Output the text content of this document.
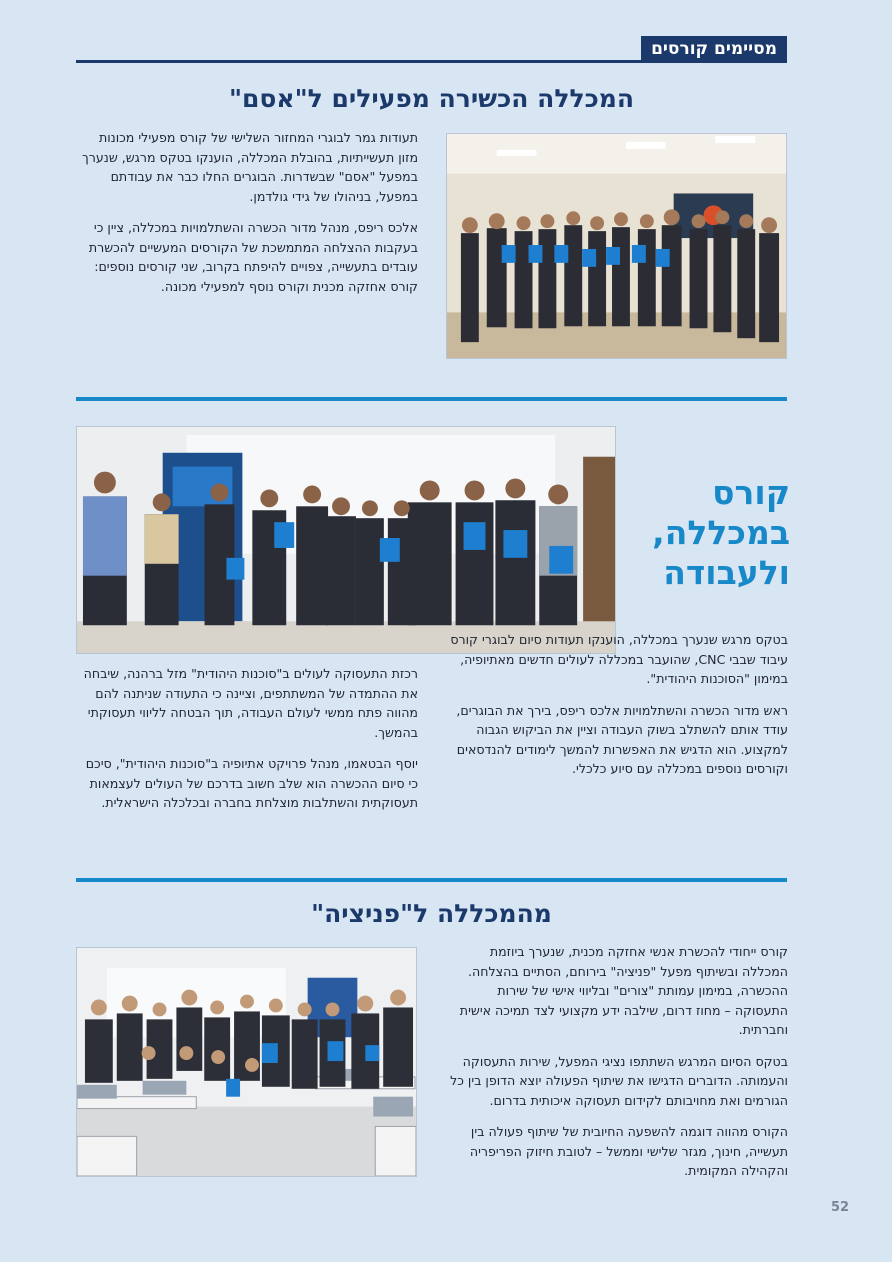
מסיימים קורסים
המכללה הכשירה מפעילים ל"אסם"

תעודות גמר לבוגרי המחזור השלישי של קורס מפעילי מכונות מזון תעשייתיות, בהובלת המכללה, הוענקו בטקס מרגש, שנערך במפעל "אסם" שבשדרות. הבוגרים החלו כבר את עבודתם במפעל, בניהולו של גידי גולדמן.

אלכס ריפס, מנהל מדור הכשרה והשתלמויות במכללה, ציין כי בעקבות ההצלחה המתמשכת של הקורסים המעשיים להכשרת עובדים בתעשייה, צפויים להיפתח בקרוב, שני קורסים נוספים: קורס אחזקה מכנית וקורס נוסף למפעילי מכונה.

קורס
במכללה,
ולעבודה

בטקס מרגש שנערך במכללה, הוענקו תעודות סיום לבוגרי קורס עיבוד שבבי CNC, שהועבר במכללה לעולים חדשים מאתיופיה, במימון "הסוכנות היהודית".

ראש מדור הכשרה והשתלמויות אלכס ריפס, בירך את הבוגרים, עודד אותם להשתלב בשוק העבודה וציין את הביקוש הגבוה למקצוע. הוא הדגיש את האפשרות להמשך לימודים להנדסאים וקורסים נוספים במכללה עם סיוע כלכלי.

רכזת התעסוקה לעולים ב"סוכנות היהודית" מזל ברהנה, שיבחה את ההתמדה של המשתתפים, וציינה כי התעודה שניתנה להם מהווה פתח ממשי לעולם העבודה, תוך הבטחה לליווי תעסוקתי בהמשך.

יוסף הבטאמו, מנהל פרויקט אתיופיה ב"סוכנות היהודית", סיכם כי סיום ההכשרה הוא שלב חשוב בדרכם של העולים לעצמאות תעסוקתית והשתלבות מוצלחת בחברה ובכלכלה הישראלית.

מהמכללה ל"פניציה"

קורס ייחודי להכשרת אנשי אחזקה מכנית, שנערך ביוזמת המכללה ובשיתוף מפעל "פניציה" בירוחם, הסתיים בהצלחה. ההכשרה, במימון עמותת "צורים" ובליווי אישי של שירות התעסוקה – מחוז דרום, שילבה ידע מקצועי לצד תמיכה אישית וחברתית.

בטקס הסיום המרגש השתתפו נציגי המפעל, שירות התעסוקה והעמותה. הדוברים הדגישו את שיתוף הפעולה יוצא הדופן בין כל הגורמים ואת מחויבותם לקידום תעסוקה איכותית בדרום.

הקורס מהווה דוגמה להשפעה החיובית של שיתוף פעולה בין תעשייה, חינוך, מגזר שלישי וממשל – לטובת חיזוק הפריפריה והקהילה המקומית.

52
